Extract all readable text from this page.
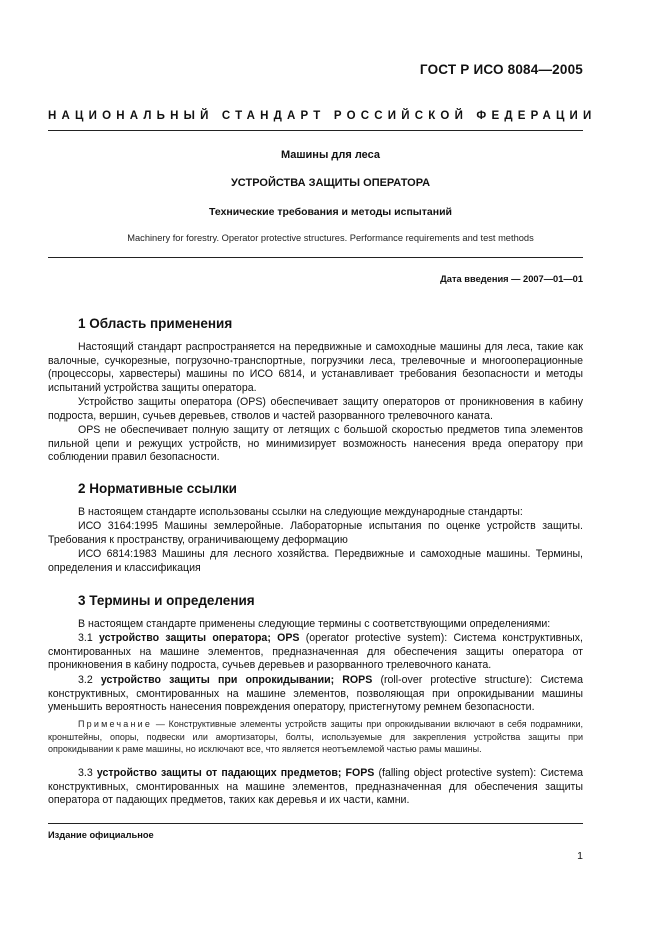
ГОСТ Р ИСО 8084—2005
НАЦИОНАЛЬНЫЙ СТАНДАРТ РОССИЙСКОЙ ФЕДЕРАЦИИ
Машины для леса
УСТРОЙСТВА ЗАЩИТЫ ОПЕРАТОРА
Технические требования и методы испытаний
Machinery for forestry. Operator protective structures. Performance requirements and test methods
Дата введения — 2007—01—01
1 Область применения
Настоящий стандарт распространяется на передвижные и самоходные машины для леса, такие как валочные, сучкорезные, погрузочно-транспортные, погрузчики леса, трелевочные и многооперационные (процессоры, харвестеры) машины по ИСО 6814, и устанавливает требования безопасности и методы испытаний устройства защиты оператора.
Устройство защиты оператора (OPS) обеспечивает защиту операторов от проникновения в кабину подроста, вершин, сучьев деревьев, стволов и частей разорванного трелевочного каната.
OPS не обеспечивает полную защиту от летящих с большой скоростью предметов типа элементов пильной цепи и режущих устройств, но минимизирует возможность нанесения вреда оператору при соблюдении правил безопасности.
2 Нормативные ссылки
В настоящем стандарте использованы ссылки на следующие международные стандарты:
ИСО 3164:1995 Машины землеройные. Лабораторные испытания по оценке устройств защиты. Требования к пространству, ограничивающему деформацию
ИСО 6814:1983 Машины для лесного хозяйства. Передвижные и самоходные машины. Термины, определения и классификация
3 Термины и определения
В настоящем стандарте применены следующие термины с соответствующими определениями:
3.1 устройство защиты оператора; OPS (operator protective system): Система конструктивных, смонтированных на машине элементов, предназначенная для обеспечения защиты оператора от проникновения в кабину подроста, сучьев деревьев и разорванного трелевочного каната.
3.2 устройство защиты при опрокидывании; ROPS (roll-over protective structure): Система конструктивных, смонтированных на машине элементов, позволяющая при опрокидывании машины уменьшить вероятность нанесения повреждения оператору, пристегнутому ремнем безопасности.
Примечание — Конструктивные элементы устройств защиты при опрокидывании включают в себя подрамники, кронштейны, опоры, подвески или амортизаторы, болты, используемые для закрепления устройства защиты при опрокидывании к раме машины, но исключают все, что является неотъемлемой частью рамы машины.
3.3 устройство защиты от падающих предметов; FOPS (falling object protective system): Система конструктивных, смонтированных на машине элементов, предназначенная для обеспечения защиты оператора от падающих предметов, таких как деревья и их части, камни.
Издание официальное
1
